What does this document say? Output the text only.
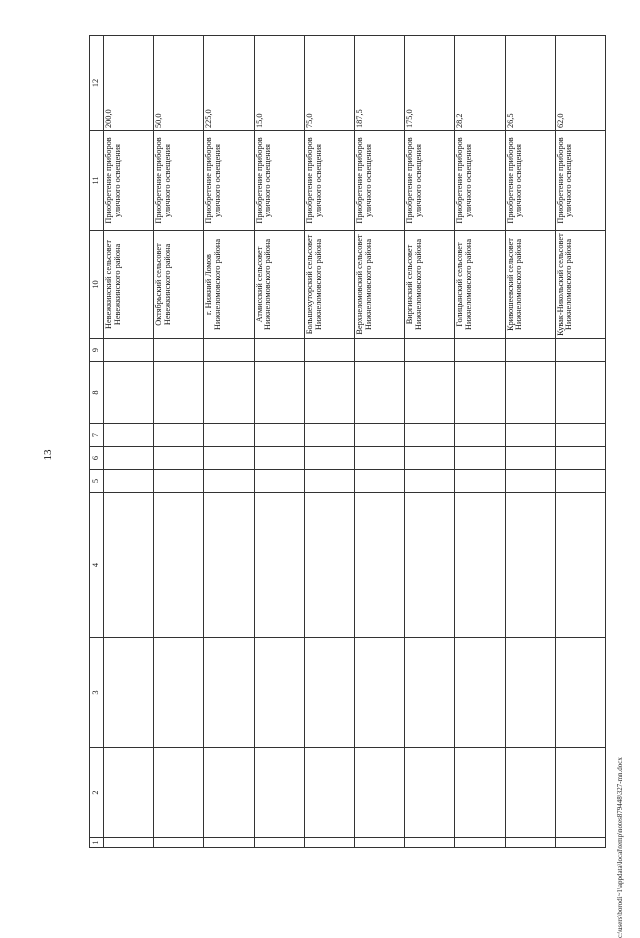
13
c:\users\borodi~1\appdata\local\temp\notes879448\327-mn.docx
1	2	3	4	5	6	7	8	9	10	11	12
									Невежкинский сельсовет Невежкинского района	Приобретение приборов уличного освещения	200,0
									Октябрьский сельсовет Невежкинского района	Приобретение приборов уличного освещения	50,0
									г. Нижний Ломов Нижнеломовского района	Приобретение приборов уличного освещения	225,0
									Атмисский сельсовет Нижнеломовского района	Приобретение приборов уличного освещения	15,0
									Большехуторский сельсовет Нижнеломовского района	Приобретение приборов уличного освещения	75,0
									Верхнеломовский сельсовет Нижнеломовского района	Приобретение приборов уличного освещения	187,5
									Виргинский сельсовет Нижнеломовского района	Приобретение приборов уличного освещения	175,0
									Голицынский сельсовет Нижнеломовского района	Приобретение приборов уличного освещения	28,2
									Кривошеевский сельсовет Нижнеломовского района	Приобретение приборов уличного освещения	26,5
									Кувак-Никольский сельсовет Нижнеломовского района	Приобретение приборов уличного освещения	62,0
